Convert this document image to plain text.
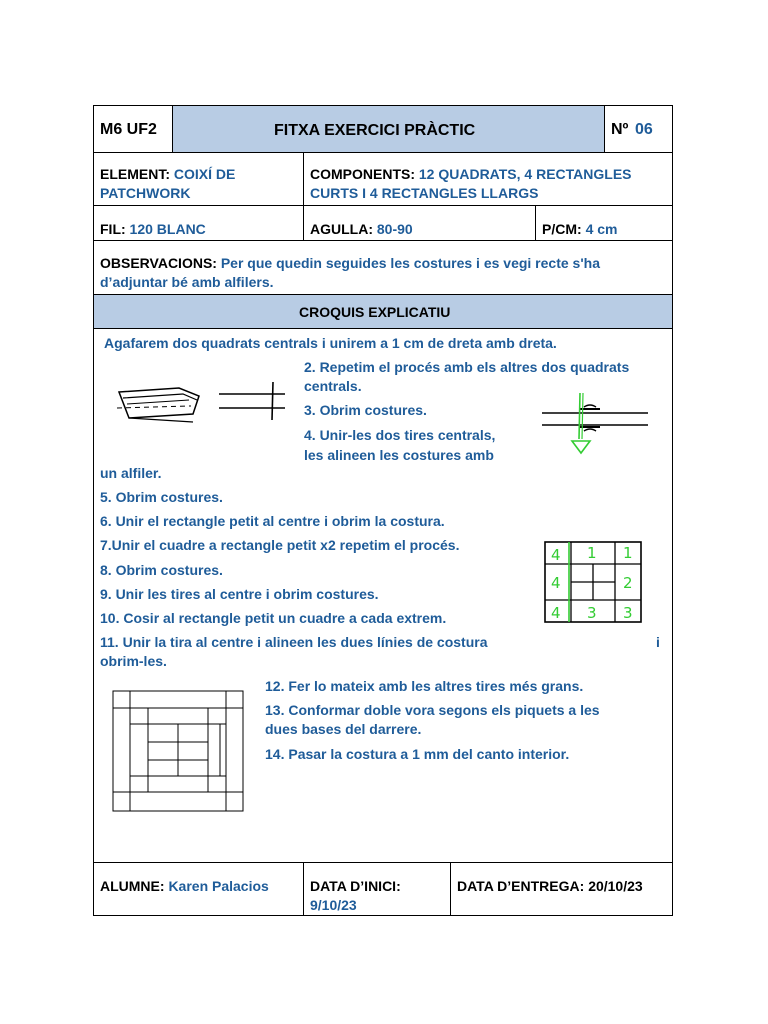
M6 UF2	FITXA EXERCICI PRÀCTIC	Nº 06
ELEMENT: COIXÍ DE
PATCHWORK
COMPONENTS: 12 QUADRATS, 4 RECTANGLES
CURTS I 4 RECTANGLES LLARGS
FIL: 120 BLANC	AGULLA: 80-90	P/CM: 4 cm
OBSERVACIONS: Per que quedin seguides les costures i es vegi recte s'ha
d’adjuntar bé amb alfilers.
CROQUIS EXPLICATIU
Agafarem dos quadrats centrals i unirem a 1 cm de dreta amb dreta.
2. Repetim el procés amb els altres dos quadrats
centrals.
3. Obrim costures.
4. Unir-les dos tires centrals,
les alineen les costures amb
un alfiler.
5. Obrim costures.
6. Unir el rectangle petit al centre i obrim la costura.
7.Unir el cuadre a rectangle petit x2 repetim el procés.
8. Obrim costures.
9. Unir les tires al centre i obrim costures.
10. Cosir al rectangle petit un cuadre a cada extrem.
11. Unir la tira al centre i alineen les dues línies de costura	i
obrim-les.
12. Fer lo mateix amb les altres tires més grans.
13. Conformar doble vora segons els piquets a les
dues bases del darrere.
14. Pasar la costura a 1 mm del canto interior.
4 1 1
4	2
4 3 3
ALUMNE: Karen Palacios	DATA D’INICI:
9/10/23
DATA D’ENTREGA: 20/10/23
